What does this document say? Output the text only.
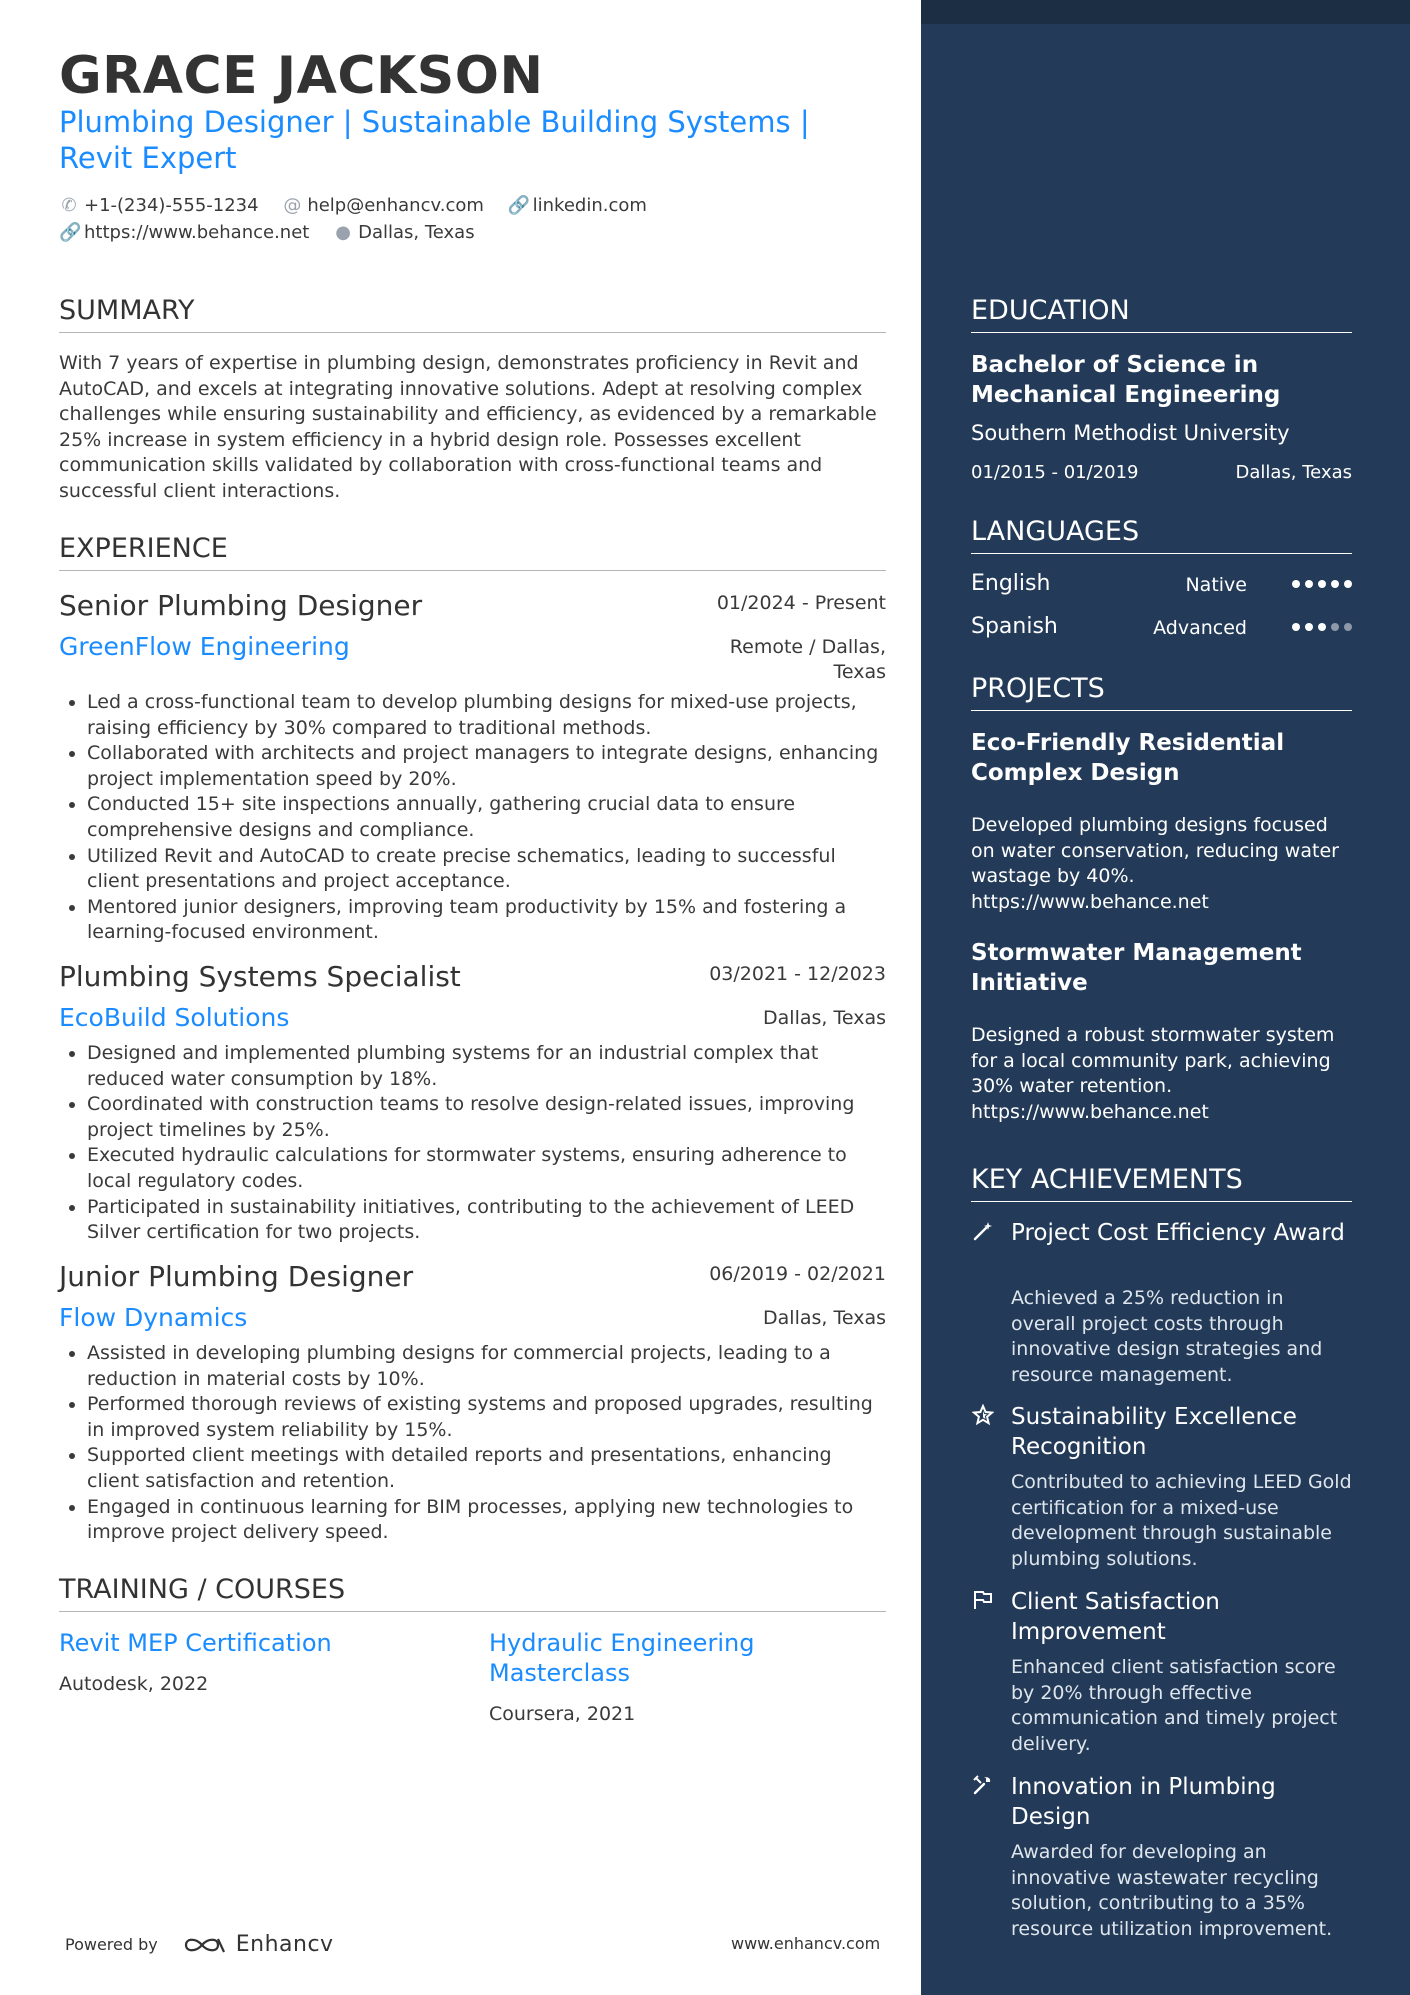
GRACE JACKSON
Plumbing Designer | Sustainable Building Systems |
Revit Expert
✆ +1-(234)-555-1234
@ help@enhancv.com
🔗 linkedin.com
🔗 https://www.behance.net
● Dallas, Texas
SUMMARY

With 7 years of expertise in plumbing design, demonstrates proficiency in Revit and AutoCAD, and excels at integrating innovative solutions. Adept at resolving complex challenges while ensuring sustainability and efficiency, as evidenced by a remarkable 25% increase in system efficiency in a hybrid design role. Possesses excellent communication skills validated by collaboration with cross-functional teams and successful client interactions.

EXPERIENCE
Senior Plumbing Designer	01/2024 - Present
GreenFlow Engineering	Remote / Dallas,
Texas
• Led a cross-functional team to develop plumbing designs for mixed-use projects, raising efficiency by 30% compared to traditional methods.
• Collaborated with architects and project managers to integrate designs, enhancing project implementation speed by 20%.
• Conducted 15+ site inspections annually, gathering crucial data to ensure comprehensive designs and compliance.
• Utilized Revit and AutoCAD to create precise schematics, leading to successful client presentations and project acceptance.
• Mentored junior designers, improving team productivity by 15% and fostering a learning-focused environment.
Plumbing Systems Specialist	03/2021 - 12/2023
EcoBuild Solutions	Dallas, Texas
• Designed and implemented plumbing systems for an industrial complex that reduced water consumption by 18%.
• Coordinated with construction teams to resolve design-related issues, improving project timelines by 25%.
• Executed hydraulic calculations for stormwater systems, ensuring adherence to local regulatory codes.
• Participated in sustainability initiatives, contributing to the achievement of LEED Silver certification for two projects.
Junior Plumbing Designer	06/2019 - 02/2021
Flow Dynamics	Dallas, Texas
• Assisted in developing plumbing designs for commercial projects, leading to a reduction in material costs by 10%.
• Performed thorough reviews of existing systems and proposed upgrades, resulting in improved system reliability by 15%.
• Supported client meetings with detailed reports and presentations, enhancing client satisfaction and retention.
• Engaged in continuous learning for BIM processes, applying new technologies to improve project delivery speed.
TRAINING / COURSES
Revit MEP Certification
Autodesk, 2022
Hydraulic Engineering Masterclass
Coursera, 2021
Powered by	Enhancv	www.enhancv.com
EDUCATION
Bachelor of Science in Mechanical Engineering
Southern Methodist University
01/2015 - 01/2019	Dallas, Texas
LANGUAGES
English	Native
Spanish	Advanced
PROJECTS
Eco-Friendly Residential Complex Design
Developed plumbing designs focused on water conservation, reducing water wastage by 40%.
https://www.behance.net
Stormwater Management Initiative
Designed a robust stormwater system for a local community park, achieving 30% water retention.
https://www.behance.net
KEY ACHIEVEMENTS
Project Cost Efficiency Award
Achieved a 25% reduction in overall project costs through innovative design strategies and resource management.
Sustainability Excellence Recognition
Contributed to achieving LEED Gold certification for a mixed-use development through sustainable plumbing solutions.
Client Satisfaction Improvement
Enhanced client satisfaction score by 20% through effective communication and timely project delivery.
Innovation in Plumbing Design
Awarded for developing an innovative wastewater recycling solution, contributing to a 35% resource utilization improvement.
